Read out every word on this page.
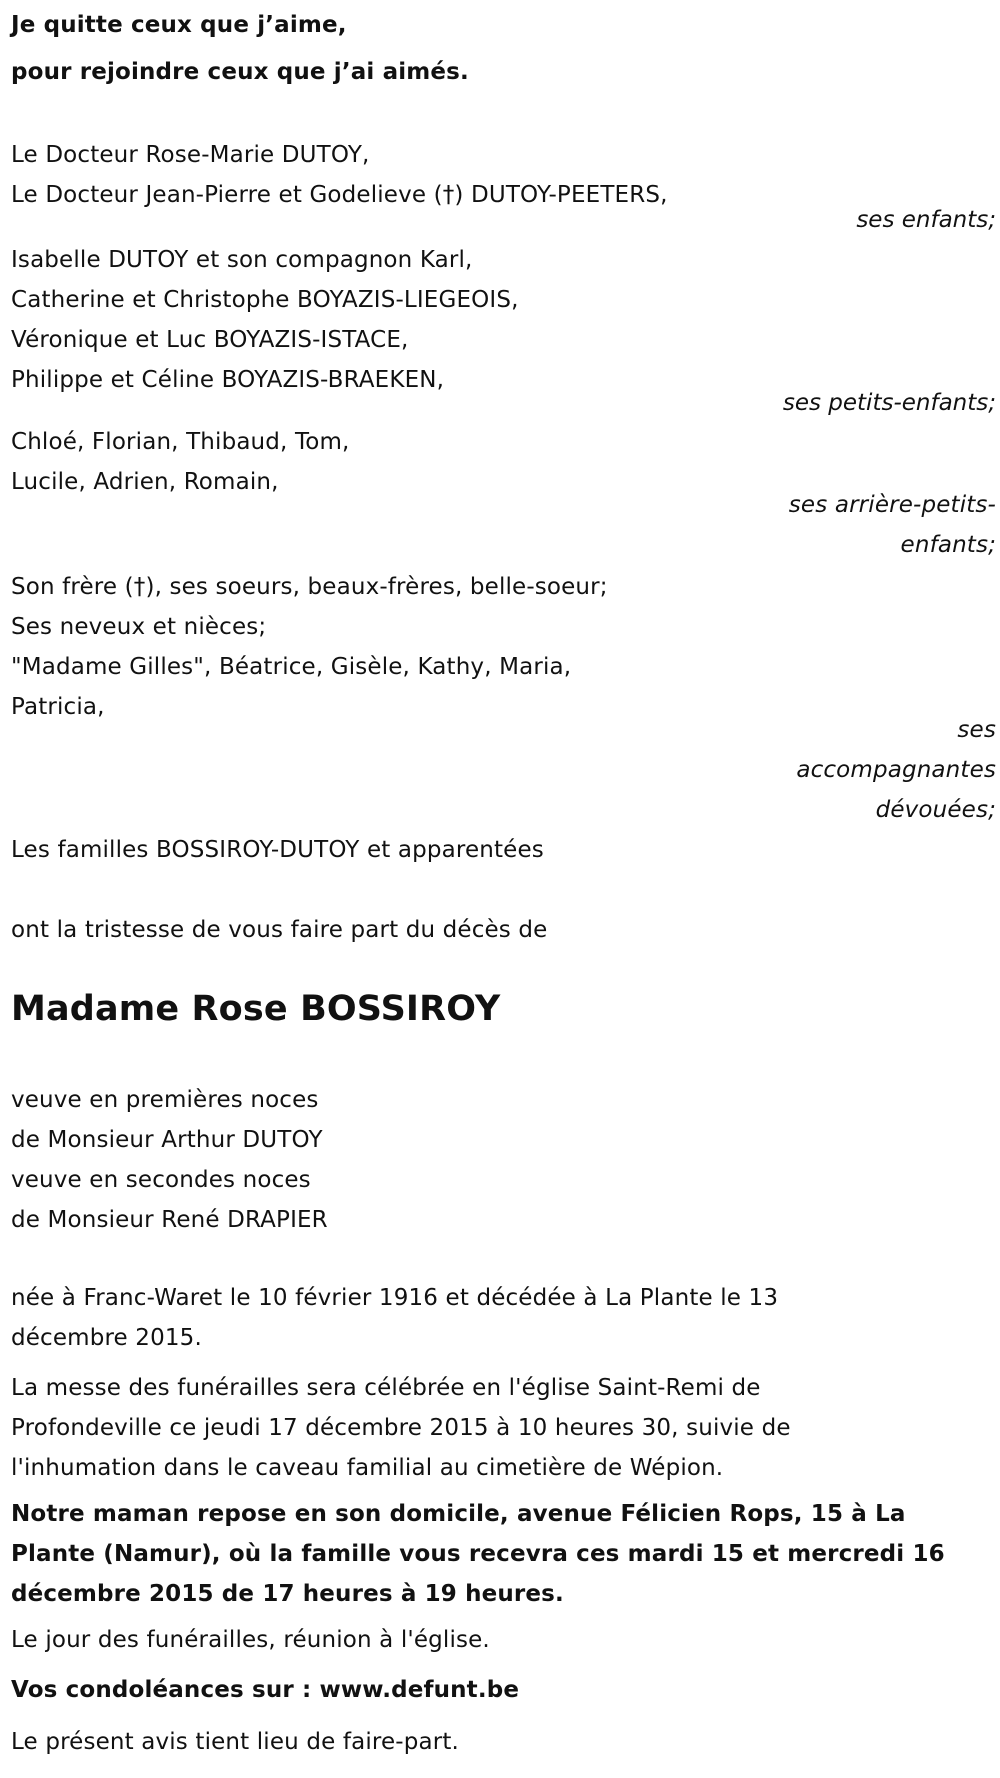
Je quitte ceux que j’aime,
pour rejoindre ceux que j’ai aimés.
Le Docteur Rose-Marie DUTOY,
Le Docteur Jean-Pierre et Godelieve (†) DUTOY-PEETERS,
ses enfants;
Isabelle DUTOY et son compagnon Karl,
Catherine et Christophe BOYAZIS-LIEGEOIS,
Véronique et Luc BOYAZIS-ISTACE,
Philippe et Céline BOYAZIS-BRAEKEN,
ses petits-enfants;
Chloé, Florian, Thibaud, Tom,
Lucile, Adrien, Romain,
ses arrière-petits-
enfants;
Son frère (†), ses soeurs, beaux-frères, belle-soeur;
Ses neveux et nièces;
"Madame Gilles", Béatrice, Gisèle, Kathy, Maria,
Patricia,
ses
accompagnantes
dévouées;
Les familles BOSSIROY-DUTOY et apparentées
ont la tristesse de vous faire part du décès de
Madame Rose BOSSIROY
veuve en premières noces
de Monsieur Arthur DUTOY
veuve en secondes noces
de Monsieur René DRAPIER
née à Franc-Waret le 10 février 1916 et décédée à La Plante le 13
décembre 2015.
La messe des funérailles sera célébrée en l'église Saint-Remi de
Profondeville ce jeudi 17 décembre 2015 à 10 heures 30, suivie de
l'inhumation dans le caveau familial au cimetière de Wépion.
Notre maman repose en son domicile, avenue Félicien Rops, 15 à La
Plante (Namur), où la famille vous recevra ces mardi 15 et mercredi 16
décembre 2015 de 17 heures à 19 heures.
Le jour des funérailles, réunion à l'église.
Vos condoléances sur : www.defunt.be
Le présent avis tient lieu de faire-part.
